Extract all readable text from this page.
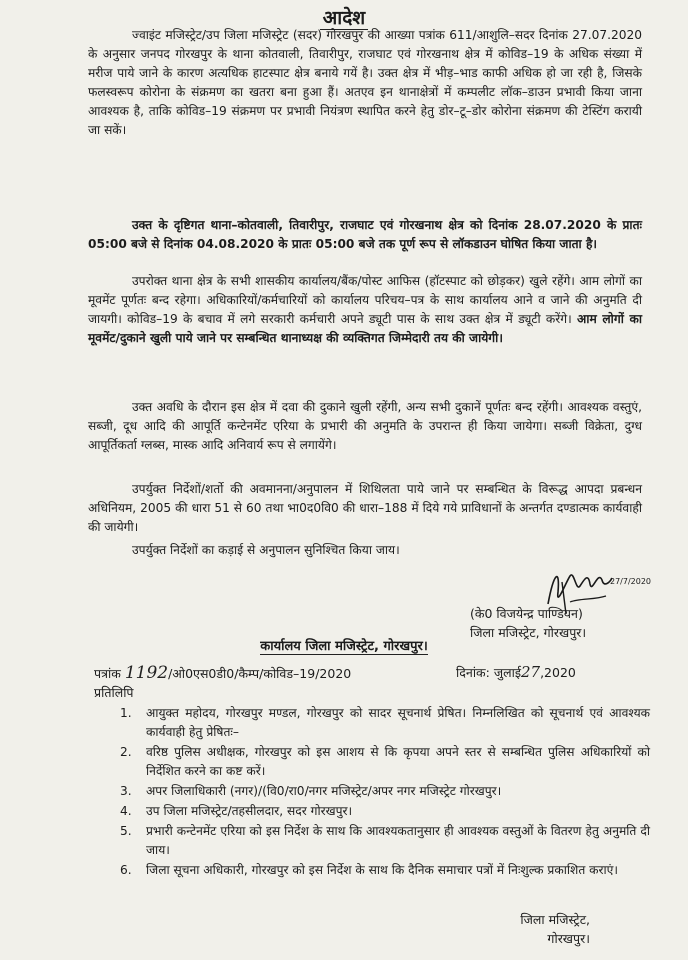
आदेश

ज्वाइंट मजिस्ट्रेट/उप जिला मजिस्ट्रेट (सदर) गोरखपुर की आख्या पत्रांक 611/आशुलि–सदर दिनांक 27.07.2020 के अनुसार जनपद गोरखपुर के थाना कोतवाली, तिवारीपुर, राजघाट एवं गोरखनाथ क्षेत्र में कोविड–19 के अधिक संख्या में मरीज पाये जाने के कारण अत्यधिक हाटस्पाट क्षेत्र बनाये गयें है। उक्त क्षेत्र में भीड़–भाड काफी अधिक हो जा रही है, जिसके फलस्वरूप कोरोना के संक्रमण का खतरा बना हुआ हैं। अतएव इन थानाक्षेत्रों में कम्पलीट लॉक–डाउन प्रभावी किया जाना आवश्यक है, ताकि कोविड–19 संक्रमण पर प्रभावी नियंत्रण स्थापित करने हेतु डोर–टू–डोर कोरोना संक्रमण की टेस्टिंग करायी जा सकें।

उक्त के दृष्टिगत थाना–कोतवाली, तिवारीपुर, राजघाट एवं गोरखनाथ क्षेत्र को दिनांक 28.07.2020 के प्रातः 05:00 बजे से दिनांक 04.08.2020 के प्रातः 05:00 बजे तक पूर्ण रूप से लॉकडाउन घोषित किया जाता है।

उपरोक्त थाना क्षेत्र के सभी शासकीय कार्यालय/बैंक/पोस्ट आफिस (हॉटस्पाट को छोड़कर) खुले रहेंगे। आम लोगों का मूवमेंट पूर्णतः बन्द रहेगा। अधिकारियों/कर्मचारियों को कार्यालय परिचय–पत्र के साथ कार्यालय आने व जाने की अनुमति दी जायगी। कोविड–19 के बचाव में लगे सरकारी कर्मचारी अपने ड्यूटी पास के साथ उक्त क्षेत्र में ड्यूटी करेंगे। आम लोगों का मूवमेंट/दुकाने खुली पाये जाने पर सम्बन्धित थानाध्यक्ष की व्यक्तिगत जिम्मेदारी तय की जायेगी।

उक्त अवधि के दौरान इस क्षेत्र में दवा की दुकाने खुली रहेंगी, अन्य सभी दुकानें पूर्णतः बन्द रहेंगी। आवश्यक वस्तुएं, सब्जी, दूध आदि की आपूर्ति कन्टेनमेंट एरिया के प्रभारी की अनुमति के उपरान्त ही किया जायेगा। सब्जी विक्रेता, दुग्ध आपूर्तिकर्ता ग्लब्स, मास्क आदि अनिवार्य रूप से लगायेंगे।

उपर्युक्त निर्देशों/शर्तो की अवमानना/अनुपालन में शिथिलता पाये जाने पर सम्बन्धित के विरूद्ध आपदा प्रबन्धन अधिनियम, 2005 की धारा 51 से 60 तथा भा0द0वि0 की धारा–188 में दिये गये प्राविधानों के अन्तर्गत दण्डात्मक कार्यवाही की जायेगी।

उपर्युक्त निर्देशों का कड़ाई से अनुपालन सुनिश्चित किया जाय।

27/7/2020
(के0 विजयेन्द्र पाण्डियन)
जिला मजिस्ट्रेट, गोरखपुर।
कार्यालय जिला मजिस्ट्रेट, गोरखपुर।
पत्रांक 1192/ओ0एस0डी0/कैम्प/कोविड–19/2020	दिनांक: जुलाई27,2020
प्रतिलिपि
1.	आयुक्त महोदय, गोरखपुर मण्डल, गोरखपुर को सादर सूचनार्थ प्रेषित। निम्नलिखित को सूचनार्थ एवं आवश्यक कार्यवाही हेतु प्रेषितः–
2.	वरिष्ठ पुलिस अधीक्षक, गोरखपुर को इस आशय से कि कृपया अपने स्तर से सम्बन्धित पुलिस अधिकारियों को निर्देशित करने का कष्ट करें।
3.	अपर जिलाधिकारी (नगर)/(वि0/रा0/नगर मजिस्ट्रेट/अपर नगर मजिस्ट्रेट गोरखपुर।
4.	उप जिला मजिस्ट्रेट/तहसीलदार, सदर गोरखपुर।
5.	प्रभारी कन्टेनमेंट एरिया को इस निर्देश के साथ कि आवश्यकतानुसार ही आवश्यक वस्तुओं के वितरण हेतु अनुमति दी जाय।
6.	जिला सूचना अधिकारी, गोरखपुर को इस निर्देश के साथ कि दैनिक समाचार पत्रों में निःशुल्क प्रकाशित कराएं।
जिला मजिस्ट्रेट,
गोरखपुर।
